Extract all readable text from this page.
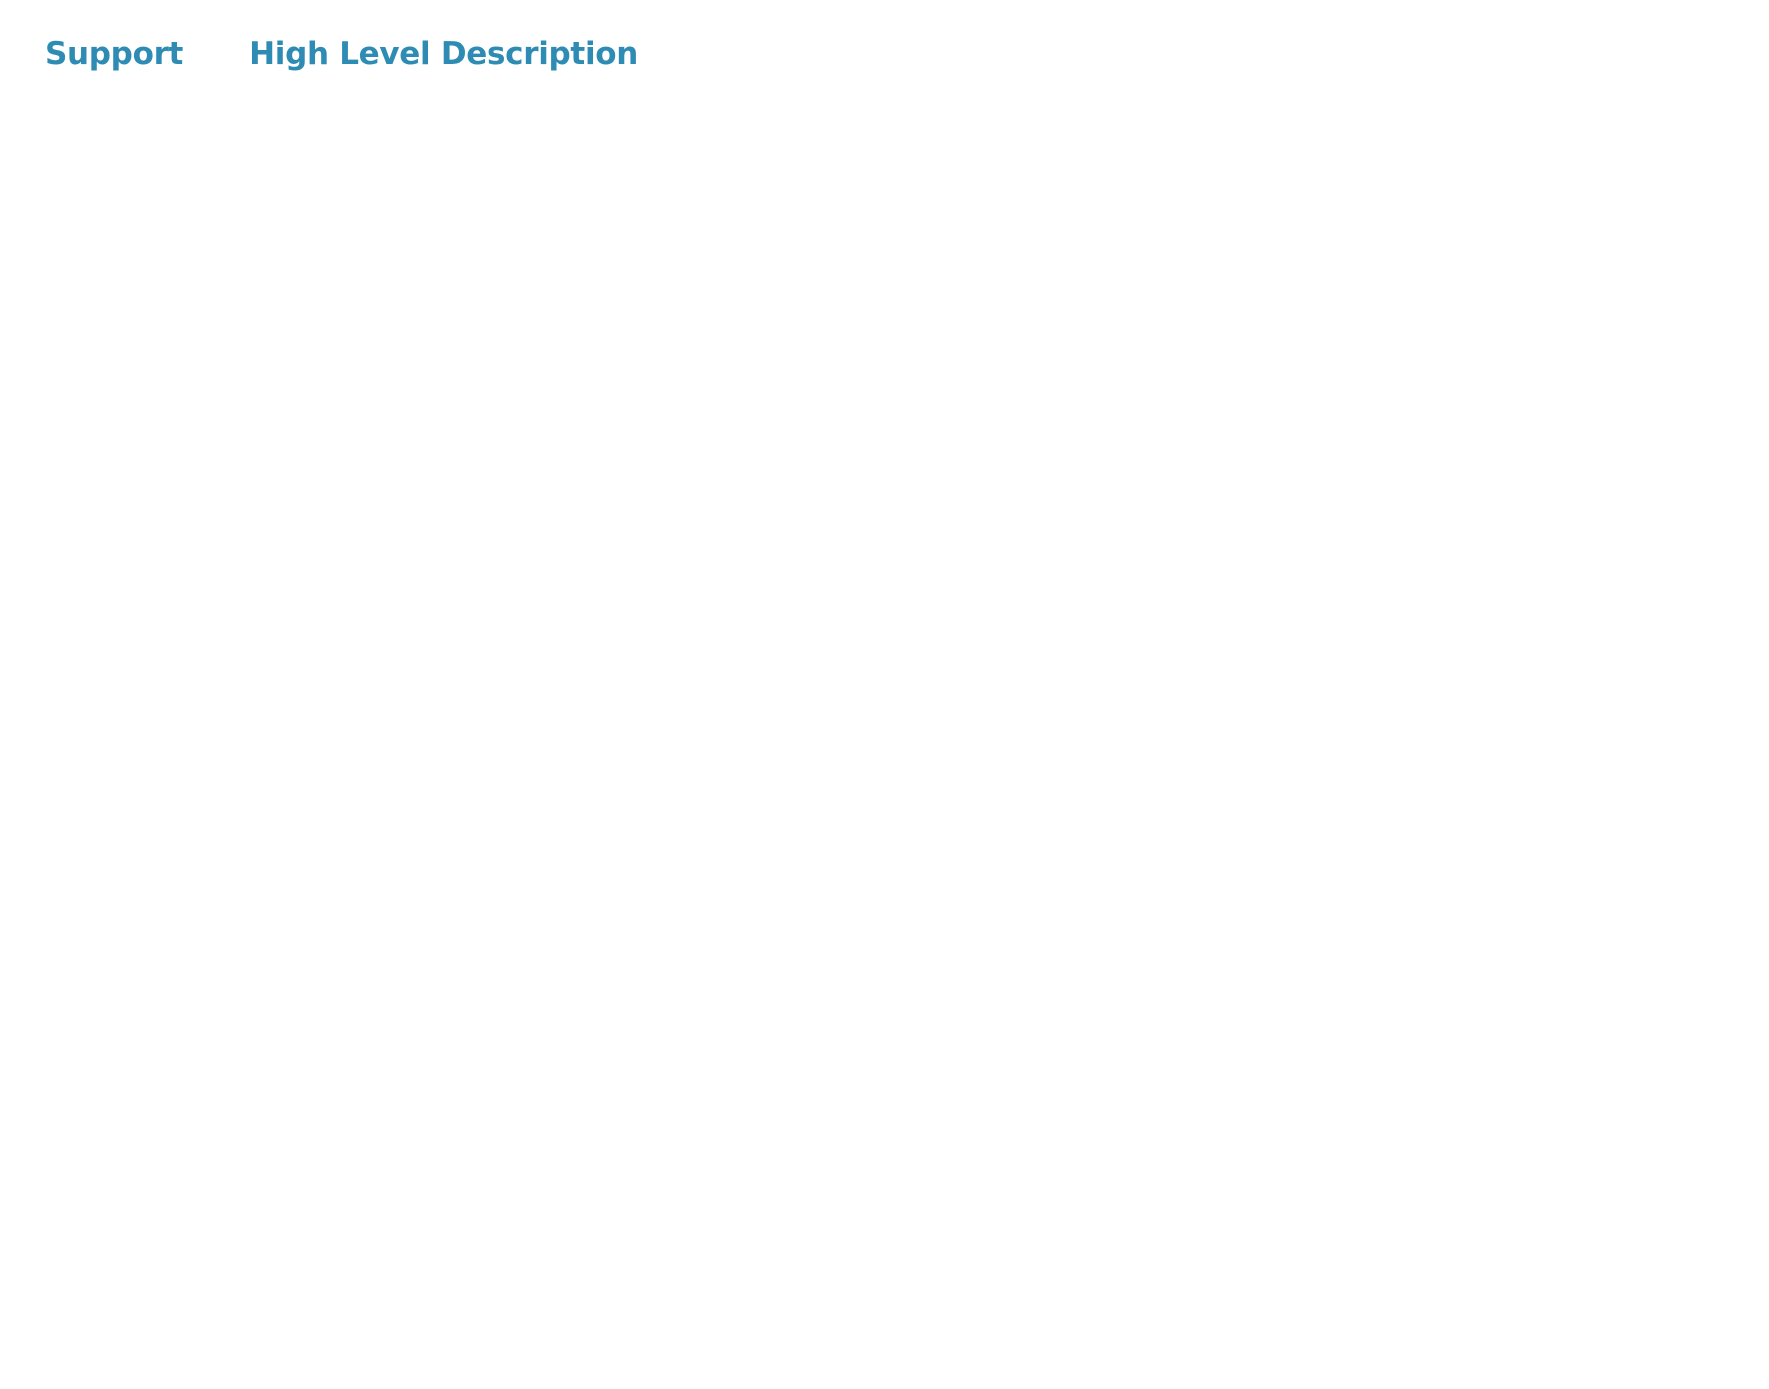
Support High Level Description
